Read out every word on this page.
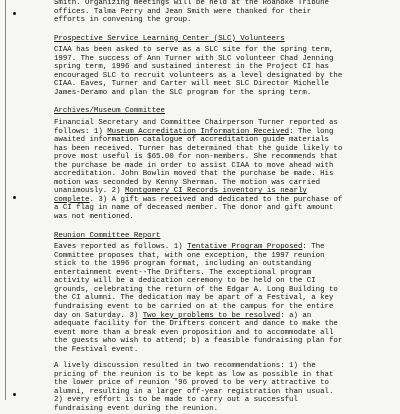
Smith. Organizing meetings will be held at the Roanoke Tribune
offices. Talma Perry and Jean Smith were thanked for their
efforts in convening the group.

Prospective Service Learning Center (SLC) Volunteers

CIAA has been asked to serve as a SLC site for the spring term,
1997. The success of Ann Turner with SLC volunteer Chad Jenning
spring term, 1996 and sustained interest in the Project CI has
encouraged SLC to recruit volunteers as a level designated by the
CIAA. Eaves, Turner and Carter will meet SLC Director Michelle
James-Deramo and plan the SLC program for the spring term.

Archives/Museum Committee

Financial Secretary and Committee Chairperson Turner reported as
follows: 1) Museum Accreditation Information Received: The long
awaited information catalogue of accreditation guide materials
has been received. Turner has determined that the guide likely to
prove most useful is $65.00 for non-members. She recommends that
the purchase be made in order to assist CIAA to move ahead with
accreditation. John Bowlin moved that the purchase be made. His
motion was seconded by Kenny Sherman. The motion was carried
unanimously. 2) Montgomery CI Records inventory is nearly
complete. 3) A gift was received and dedicated to the purchase of
a CI flag in name of deceased member. The donor and gift amount
was not mentioned.

Reunion Committee Report

Eaves reported as follows. 1) Tentative Program Proposed: The
Committee proposes that, with one exception, the 1997 reunion
stick to the 1996 program format, including an outstanding
entertainment event--The Drifters. The exceptional program
activity will be a dedication ceremony to be held on the CI
grounds, celebrating the return of the Edgar A. Long Building to
the CI alumni. The dedication may be apart of a Festival, a key
fundraising event to be carried on at the campus for the entire
day on Saturday. 3) Two key problems to be resolved: a) an
adequate facility for the Drifters concert and dance to make the
event more than a break even proposition and to accommodate all
the guests who wish to attend; b) a feasible fundraising plan for
the Festival event.

A lively discussion resulted in two recommendations: 1) the
pricing of the reunion is to be kept as low as possible in that
the lower price of reunion '96 proved to be very attractive to
alumni, resulting in a larger off-year registration than usual.
2) every effort is to be made to carry out a successful
fundraising event during the reunion.
